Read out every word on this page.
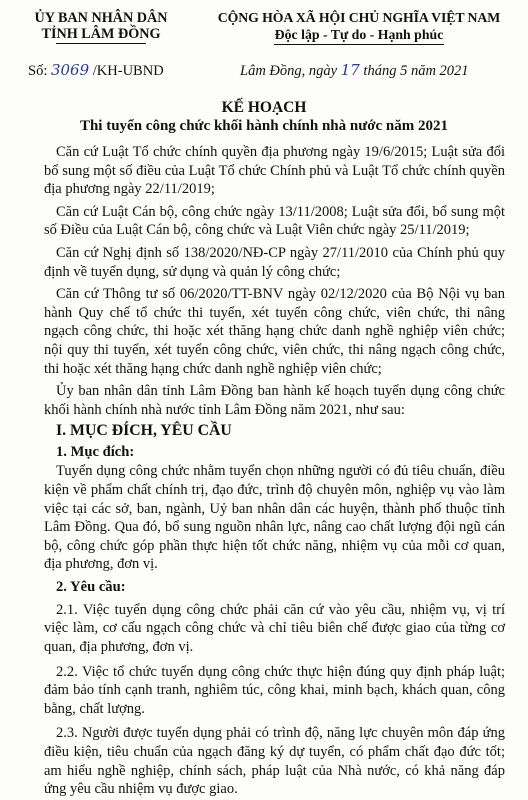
ỦY BAN NHÂN DÂN
TỈNH LÂM ĐỒNG
CỘNG HÒA XÃ HỘI CHỦ NGHĨA VIỆT NAM
Độc lập - Tự do - Hạnh phúc
Số: 3069 /KH-UBND	Lâm Đồng, ngày 17 tháng 5 năm 2021
KẾ HOẠCH
Thi tuyển công chức khối hành chính nhà nước năm 2021

Căn cứ Luật Tổ chức chính quyền địa phương ngày 19/6/2015; Luật sửa đổi bổ sung một số điều của Luật Tổ chức Chính phủ và Luật Tổ chức chính quyền địa phương ngày 22/11/2019;

Căn cứ Luật Cán bộ, công chức ngày 13/11/2008; Luật sửa đổi, bổ sung một số Điều của Luật Cán bộ, công chức và Luật Viên chức ngày 25/11/2019;

Căn cứ Nghị định số 138/2020/NĐ-CP ngày 27/11/2010 của Chính phủ quy định về tuyển dụng, sử dụng và quản lý công chức;

Căn cứ Thông tư số 06/2020/TT-BNV ngày 02/12/2020 của Bộ Nội vụ ban hành Quy chế tổ chức thi tuyển, xét tuyển công chức, viên chức, thi nâng ngạch công chức, thi hoặc xét thăng hạng chức danh nghề nghiệp viên chức; nội quy thi tuyển, xét tuyển công chức, viên chức, thi nâng ngạch công chức, thi hoặc xét thăng hạng chức danh nghề nghiệp viên chức;

Ủy ban nhân dân tỉnh Lâm Đồng ban hành kế hoạch tuyển dụng công chức khối hành chính nhà nước tỉnh Lâm Đồng năm 2021, như sau:

I. MỤC ĐÍCH, YÊU CẦU
1. Mục đích:

Tuyển dụng công chức nhằm tuyển chọn những người có đủ tiêu chuẩn, điều kiện về phẩm chất chính trị, đạo đức, trình độ chuyên môn, nghiệp vụ vào làm việc tại các sở, ban, ngành, Uỷ ban nhân dân các huyện, thành phố thuộc tỉnh Lâm Đồng. Qua đó, bổ sung nguồn nhân lực, nâng cao chất lượng đội ngũ cán bộ, công chức góp phần thực hiện tốt chức năng, nhiệm vụ của mỗi cơ quan, địa phương, đơn vị.

2. Yêu cầu:

2.1. Việc tuyển dụng công chức phải căn cứ vào yêu cầu, nhiệm vụ, vị trí việc làm, cơ cấu ngạch công chức và chỉ tiêu biên chế được giao của từng cơ quan, địa phương, đơn vị.

2.2. Việc tổ chức tuyển dụng công chức thực hiện đúng quy định pháp luật; đảm bảo tính cạnh tranh, nghiêm túc, công khai, minh bạch, khách quan, công bằng, chất lượng.

2.3. Người được tuyển dụng phải có trình độ, năng lực chuyên môn đáp ứng điều kiện, tiêu chuẩn của ngạch đăng ký dự tuyển, có phẩm chất đạo đức tốt; am hiểu nghề nghiệp, chính sách, pháp luật của Nhà nước, có khả năng đáp ứng yêu cầu nhiệm vụ được giao.
